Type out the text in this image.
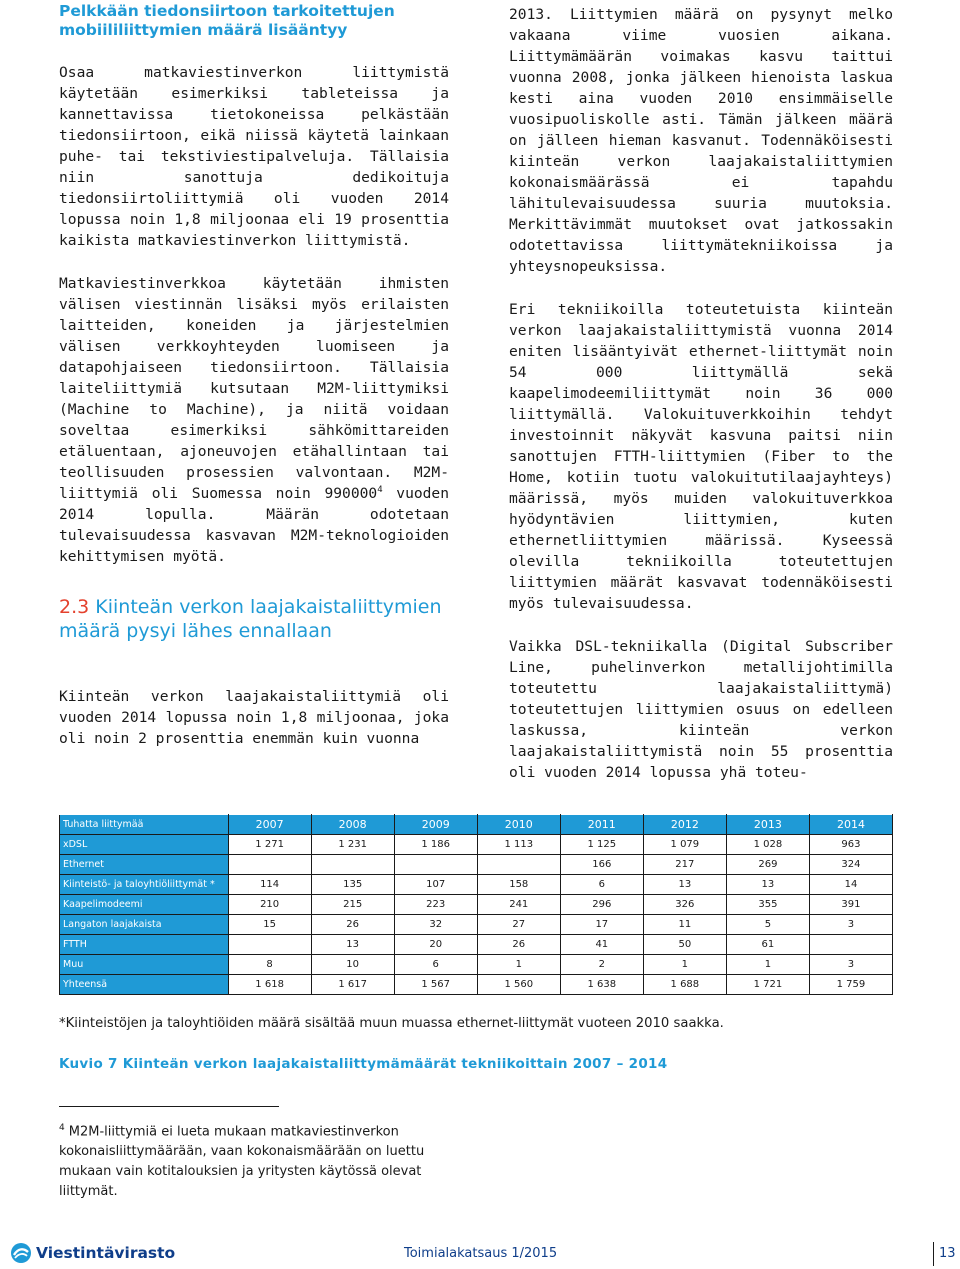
Pelkkään tiedonsiirtoon tarkoitettujen mobiililiittymien määrä lisääntyy

Osaa matkaviestinverkon liittymistä käytetään esimerkiksi tableteissa ja kannettavissa tietokoneissa pelkästään tiedonsiirtoon, eikä niissä käytetä lainkaan puhe- tai tekstiviestipalveluja. Tällaisia niin sanottuja dedikoituja tiedonsiirtoliittymiä oli vuoden 2014 lopussa noin 1,8 miljoonaa eli 19 prosenttia kaikista matkaviestinverkon liittymistä.

Matkaviestinverkkoa käytetään ihmisten välisen viestinnän lisäksi myös erilaisten laitteiden, koneiden ja järjestelmien välisen verkkoyhteyden luomiseen ja datapohjaiseen tiedonsiirtoon. Tällaisia laiteliittymiä kutsutaan M2M-liittymiksi (Machine to Machine), ja niitä voidaan soveltaa esimerkiksi sähkömittareiden etäluentaan, ajoneuvojen etähallintaan tai teollisuuden prosessien valvontaan. M2M-liittymiä oli Suomessa noin 990000$^4$ vuoden 2014 lopulla. Määrän odotetaan tulevaisuudessa kasvavan M2M-teknologioiden kehittymisen myötä.

2.3 Kiinteän verkon laajakaistaliittymien määrä pysyi lähes ennallaan

Kiinteän verkon laajakaistaliittymiä oli vuoden 2014 lopussa noin 1,8 miljoonaa, joka oli noin 2 prosenttia enemmän kuin vuonna

2013. Liittymien määrä on pysynyt melko vakaana viime vuosien aikana. Liittymämäärän voimakas kasvu taittui vuonna 2008, jonka jälkeen hienoista laskua kesti aina vuoden 2010 ensimmäiselle vuosipuoliskolle asti. Tämän jälkeen määrä on jälleen hieman kasvanut. Todennäköisesti kiinteän verkon laajakaistaliittymien kokonaismäärässä ei tapahdu lähitulevaisuudessa suuria muutoksia. Merkittävimmät muutokset ovat jatkossakin odotettavissa liittymätekniikoissa ja yhteysnopeuksissa.

Eri tekniikoilla toteutetuista kiinteän verkon laajakaistaliittymistä vuonna 2014 eniten lisääntyivät ethernet-liittymät noin 54 000 liittymällä sekä kaapelimodeemiliittymät noin 36 000 liittymällä. Valokuituverkkoihin tehdyt investoinnit näkyvät kasvuna paitsi niin sanottujen FTTH-liittymien (Fiber to the Home, kotiin tuotu valokuitutilaajayhteys) määrissä, myös muiden valokuituverkkoa hyödyntävien liittymien, kuten ethernetliittymien määrissä. Kyseessä olevilla tekniikoilla toteutettujen liittymien määrät kasvavat todennäköisesti myös tulevaisuudessa.

Vaikka DSL-tekniikalla (Digital Subscriber Line, puhelinverkon metallijohtimilla toteutettu laajakaistaliittymä) toteutettujen liittymien osuus on edelleen laskussa, kiinteän verkon laajakaistaliittymistä noin 55 prosenttia oli vuoden 2014 lopussa yhä toteu-

Tuhatta liittymää	2007	2008	2009	2010	2011	2012	2013	2014
xDSL	1 271	1 231	1 186	1 113	1 125	1 079	1 028	963
Ethernet					166	217	269	324
Kiinteistö- ja taloyhtiöliittymät *	114	135	107	158	6	13	13	14
Kaapelimodeemi	210	215	223	241	296	326	355	391
Langaton laajakaista	15	26	32	27	17	11	5	3
FTTH		13	20	26	41	50	61	
Muu	8	10	6	1	2	1	1	3
Yhteensä	1 618	1 617	1 567	1 560	1 638	1 688	1 721	1 759
*Kiinteistöjen ja taloyhtiöiden määrä sisältää muun muassa ethernet-liittymät vuoteen 2010 saakka.
Kuvio 7 Kiinteän verkon laajakaistaliittymämäärät tekniikoittain 2007 – 2014
$^4$ M2M-liittymiä ei lueta mukaan matkaviestinverkon kokonaisliittymäärään, vaan kokonaismäärään on luettu mukaan vain kotitalouksien ja yritysten käytössä olevat liittymät.
Viestintävirasto	Toimialakatsaus 1/2015	13
